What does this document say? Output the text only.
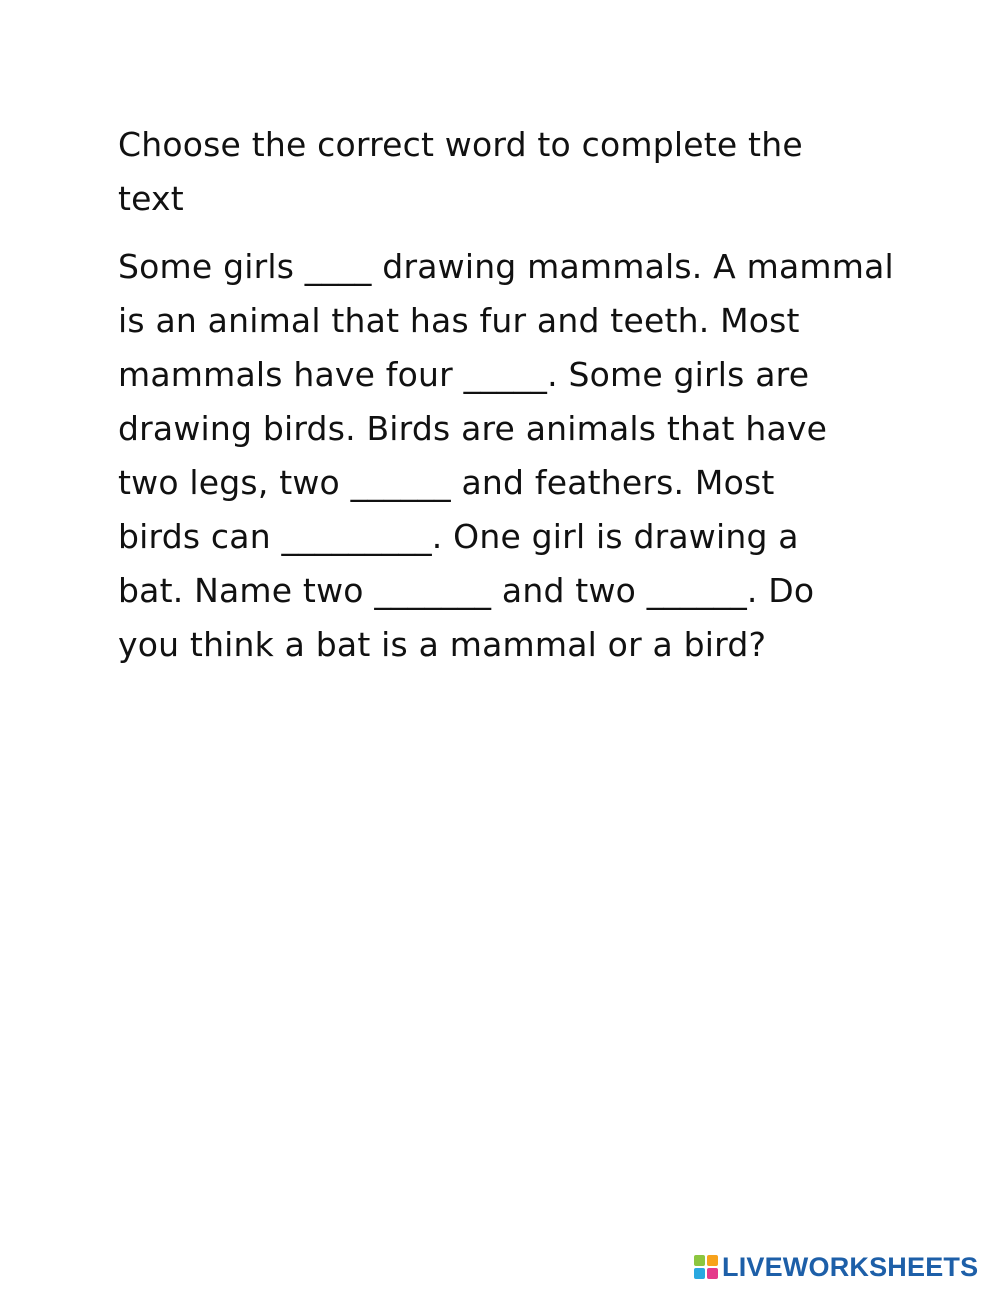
Choose the correct word to complete the
text
Some girls ____ drawing mammals. A mammal
is an animal that has fur and teeth. Most
mammals have four _____. Some girls are
drawing birds. Birds are animals that have
two legs, two ______ and feathers. Most
birds can _________. One girl is drawing a
bat. Name two _______ and two ______. Do
you think a bat is a mammal or a bird?
LIVEWORKSHEETS
